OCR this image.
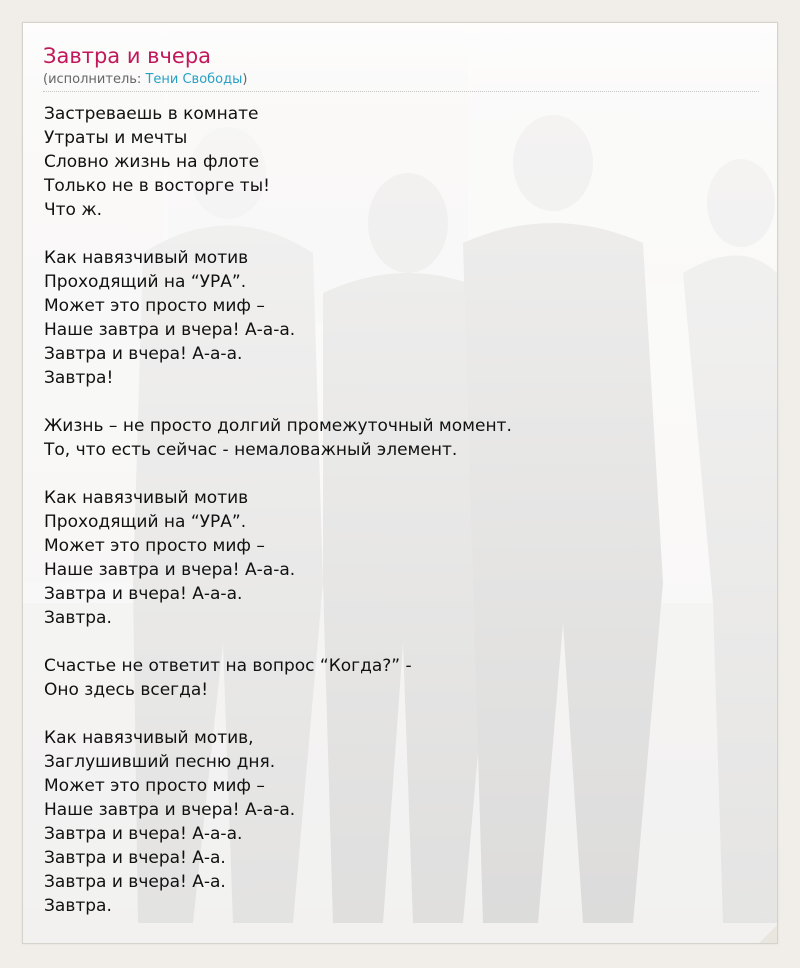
Завтра и вчера
(исполнитель: Тени Свободы)
Застреваешь в комнате
Утраты и мечты
Словно жизнь на флоте
Только не в восторге ты!
Что ж.
Как навязчивый мотив
Проходящий на “УРА”.
Может это просто миф –
Наше завтра и вчера! А-а-а.
Завтра и вчера! А-а-а.
Завтра!
Жизнь – не просто долгий промежуточный момент.
То, что есть сейчас - немаловажный элемент.
Как навязчивый мотив
Проходящий на “УРА”.
Может это просто миф –
Наше завтра и вчера! А-а-а.
Завтра и вчера! А-а-а.
Завтра.
Счастье не ответит на вопрос “Когда?” -
Оно здесь всегда!
Как навязчивый мотив,
Заглушивший песню дня.
Может это просто миф –
Наше завтра и вчера! А-а-а.
Завтра и вчера! А-а-а.
Завтра и вчера! А-а.
Завтра и вчера! А-а.
Завтра.
